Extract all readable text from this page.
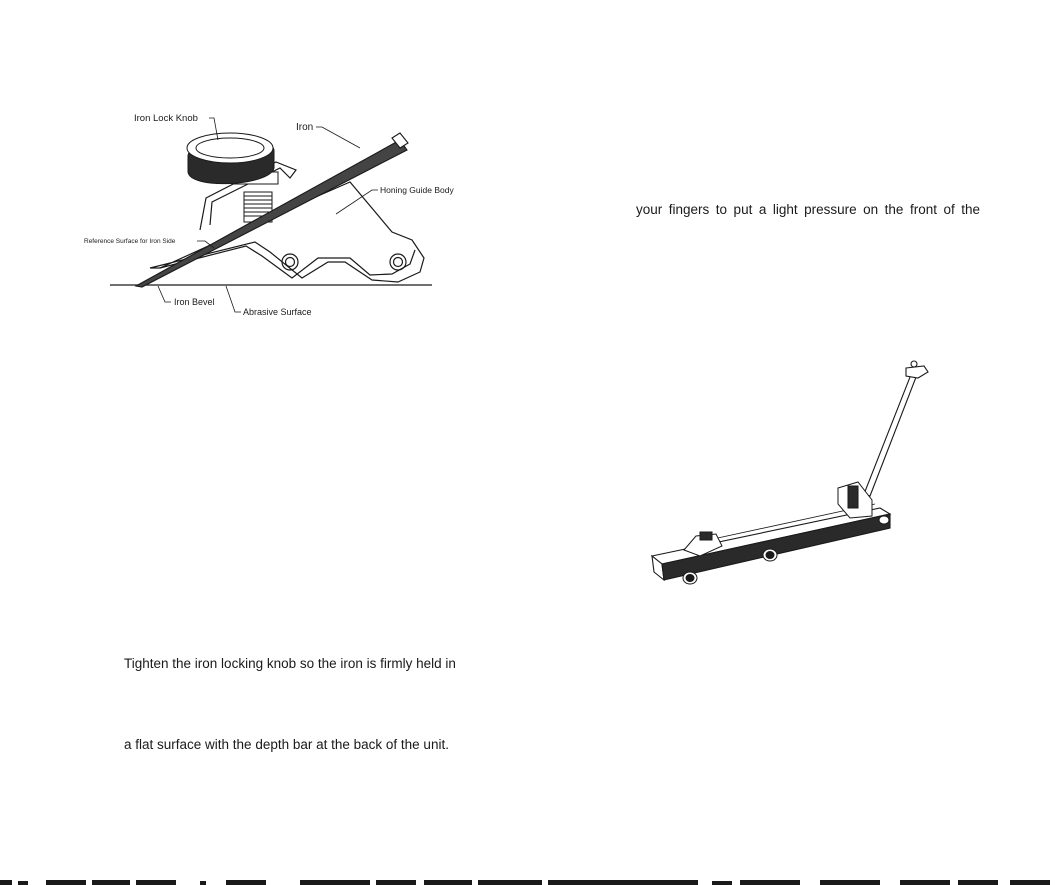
Iron Lock Knob
Iron
Honing Guide Body
Reference Surface for Iron Side
Iron Bevel
Abrasive Surface
your fingers to put a light pressure on the front of the
Tighten the iron locking knob so the iron is firmly held in
a flat surface with the depth bar at the back of the unit.
